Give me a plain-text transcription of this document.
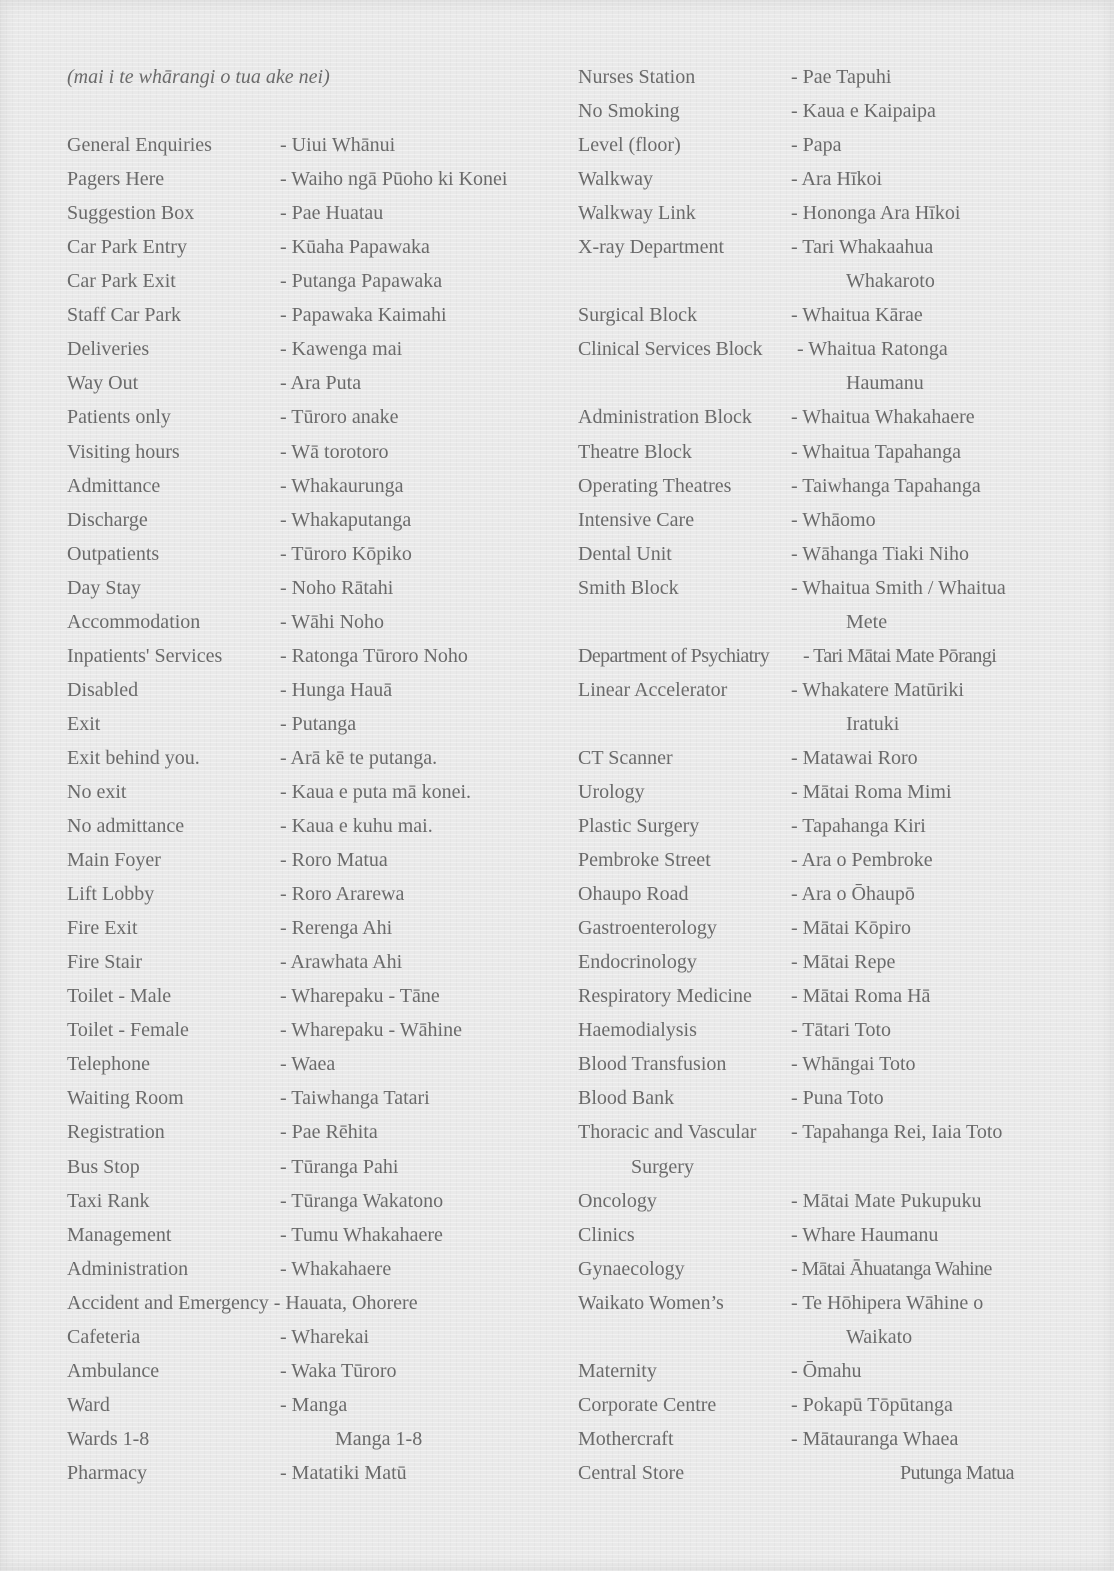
(mai i te whārangi o tua ake nei)
General Enquiries	- Uiui Whānui
Pagers Here	- Waiho ngā Pūoho ki Konei
Suggestion Box	- Pae Huatau
Car Park Entry	- Kūaha Papawaka
Car Park Exit	- Putanga Papawaka
Staff Car Park	- Papawaka Kaimahi
Deliveries	- Kawenga mai
Way Out	- Ara Puta
Patients only	- Tūroro anake
Visiting hours	- Wā torotoro
Admittance	- Whakaurunga
Discharge	- Whakaputanga
Outpatients	- Tūroro Kōpiko
Day Stay	- Noho Rātahi
Accommodation	- Wāhi Noho
Inpatients' Services	- Ratonga Tūroro Noho
Disabled	- Hunga Hauā
Exit	- Putanga
Exit behind you.	- Arā kē te putanga.
No exit	- Kaua e puta mā konei.
No admittance	- Kaua e kuhu mai.
Main Foyer	- Roro Matua
Lift Lobby	- Roro Ararewa
Fire Exit	- Rerenga Ahi
Fire Stair	- Arawhata Ahi
Toilet - Male	- Wharepaku - Tāne
Toilet - Female	- Wharepaku - Wāhine
Telephone	- Waea
Waiting Room	- Taiwhanga Tatari
Registration	- Pae Rēhita
Bus Stop	- Tūranga Pahi
Taxi Rank	- Tūranga Wakatono
Management	- Tumu Whakahaere
Administration	- Whakahaere
Accident and Emergency - Hauata, Ohorere
Cafeteria	- Wharekai
Ambulance	- Waka Tūroro
Ward	- Manga
Wards 1-8	Manga 1-8
Pharmacy	- Matatiki Matū
Nurses Station	- Pae Tapuhi
No Smoking	- Kaua e Kaipaipa
Level (floor)	- Papa
Walkway	- Ara Hīkoi
Walkway Link	- Hononga Ara Hīkoi
X-ray Department	- Tari Whakaahua
Whakaroto
Surgical Block	- Whaitua Kārae
Clinical Services Block - Whaitua Ratonga
Haumanu
Administration Block - Whaitua Whakahaere
Theatre Block	- Whaitua Tapahanga
Operating Theatres	- Taiwhanga Tapahanga
Intensive Care	- Whāomo
Dental Unit	- Wāhanga Tiaki Niho
Smith Block	- Whaitua Smith / Whaitua
Mete
Department of Psychiatry - Tari Mātai Mate Pōrangi
Linear Accelerator	- Whakatere Matūriki
Iratuki
CT Scanner	- Matawai Roro
Urology	- Mātai Roma Mimi
Plastic Surgery	- Tapahanga Kiri
Pembroke Street	- Ara o Pembroke
Ohaupo Road	- Ara o Ōhaupō
Gastroenterology	- Mātai Kōpiro
Endocrinology	- Mātai Repe
Respiratory Medicine - Mātai Roma Hā
Haemodialysis	- Tātari Toto
Blood Transfusion	- Whāngai Toto
Blood Bank	- Puna Toto
Thoracic and Vascular - Tapahanga Rei, Iaia Toto
Surgery
Oncology	- Mātai Mate Pukupuku
Clinics	- Whare Haumanu
Gynaecology	- Mātai Āhuatanga Wahine
Waikato Women’s	- Te Hōhipera Wāhine o
Waikato
Maternity	- Ōmahu
Corporate Centre	- Pokapū Tōpūtanga
Mothercraft	- Mātauranga Whaea
Central Store	Putunga Matua
